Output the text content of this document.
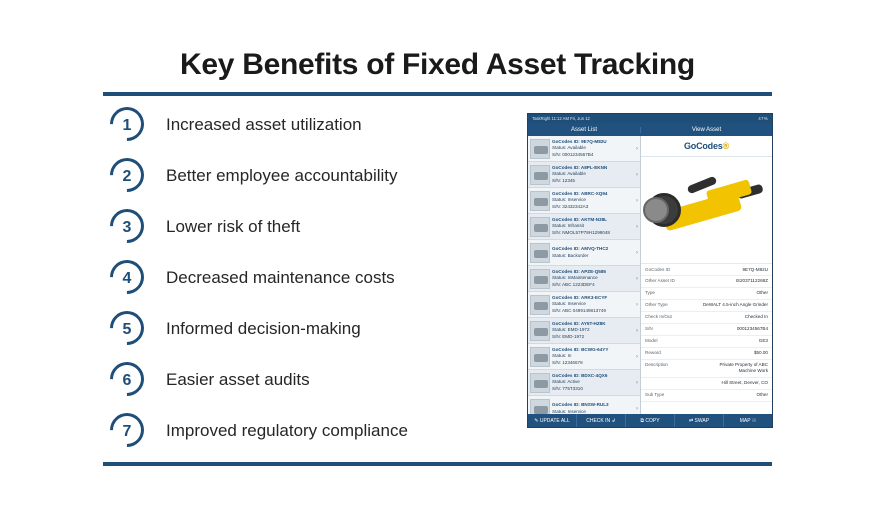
Key Benefits of Fixed Asset Tracking
1 Increased asset utilization
2 Better employee accountability
3 Lower risk of theft
4 Decreased maintenance costs
5 Informed decision-making
6 Easier asset audits
7 Improved regulatory compliance
TaskRight 11:12 AM Fri, Jun 12	47%
Asset List	View Asset
GoCodes ID: 9E7Q-M82U
Status: Available
S/N: 0001234567B4
›
GoCodes ID: A8PL-EKNN
Status: Available
S/N: 12345
›
GoCodes ID: ABRC-XQ94
Status: Inservice
S/N: 32432342A3
›
GoCodes ID: AKTM-N38L
Status: Infransit
S/N: NMOL57P78H1299048
›
GoCodes ID: AMVQ-THC2
Status: Backorder	›
GoCodes ID: APZE-Q585
Status: InMaintenance
S/N: ABC 1223DEF4
›
GoCodes ID: ARK3-ECYF
Status: Inservice
S/N: ABC 0499149813749
›
GoCodes ID: AY5T-HZ8K
Status: EMD-1972
S/N: EMD-1972
›
GoCodes ID: BCWG-64YY
Status: In
S/N: 12346678
›
GoCodes ID: BDXC-4QX6
Status: Active
S/N: 775T3310
›
GoCodes ID: BNSW-RUL3
Status: Inservice	›
GoCodes ®
GoCodes ID	9E7Q-M82U
Other Asset ID	IS2037112268Z
Type	Other
Other Type	DeWALT 4.5-inch Angle Grinder
Check In/Out	Checked In
S/N	0001234567B4
Model	GE3
Reward	$50.00
Description	Private Property of ABC Machine Work
Hill Street, Denver, CO
Sub Type	Other
✎ UPDATE ALL	CHECK IN ↲	⧉ COPY	⇄ SWAP	MAP ☉
